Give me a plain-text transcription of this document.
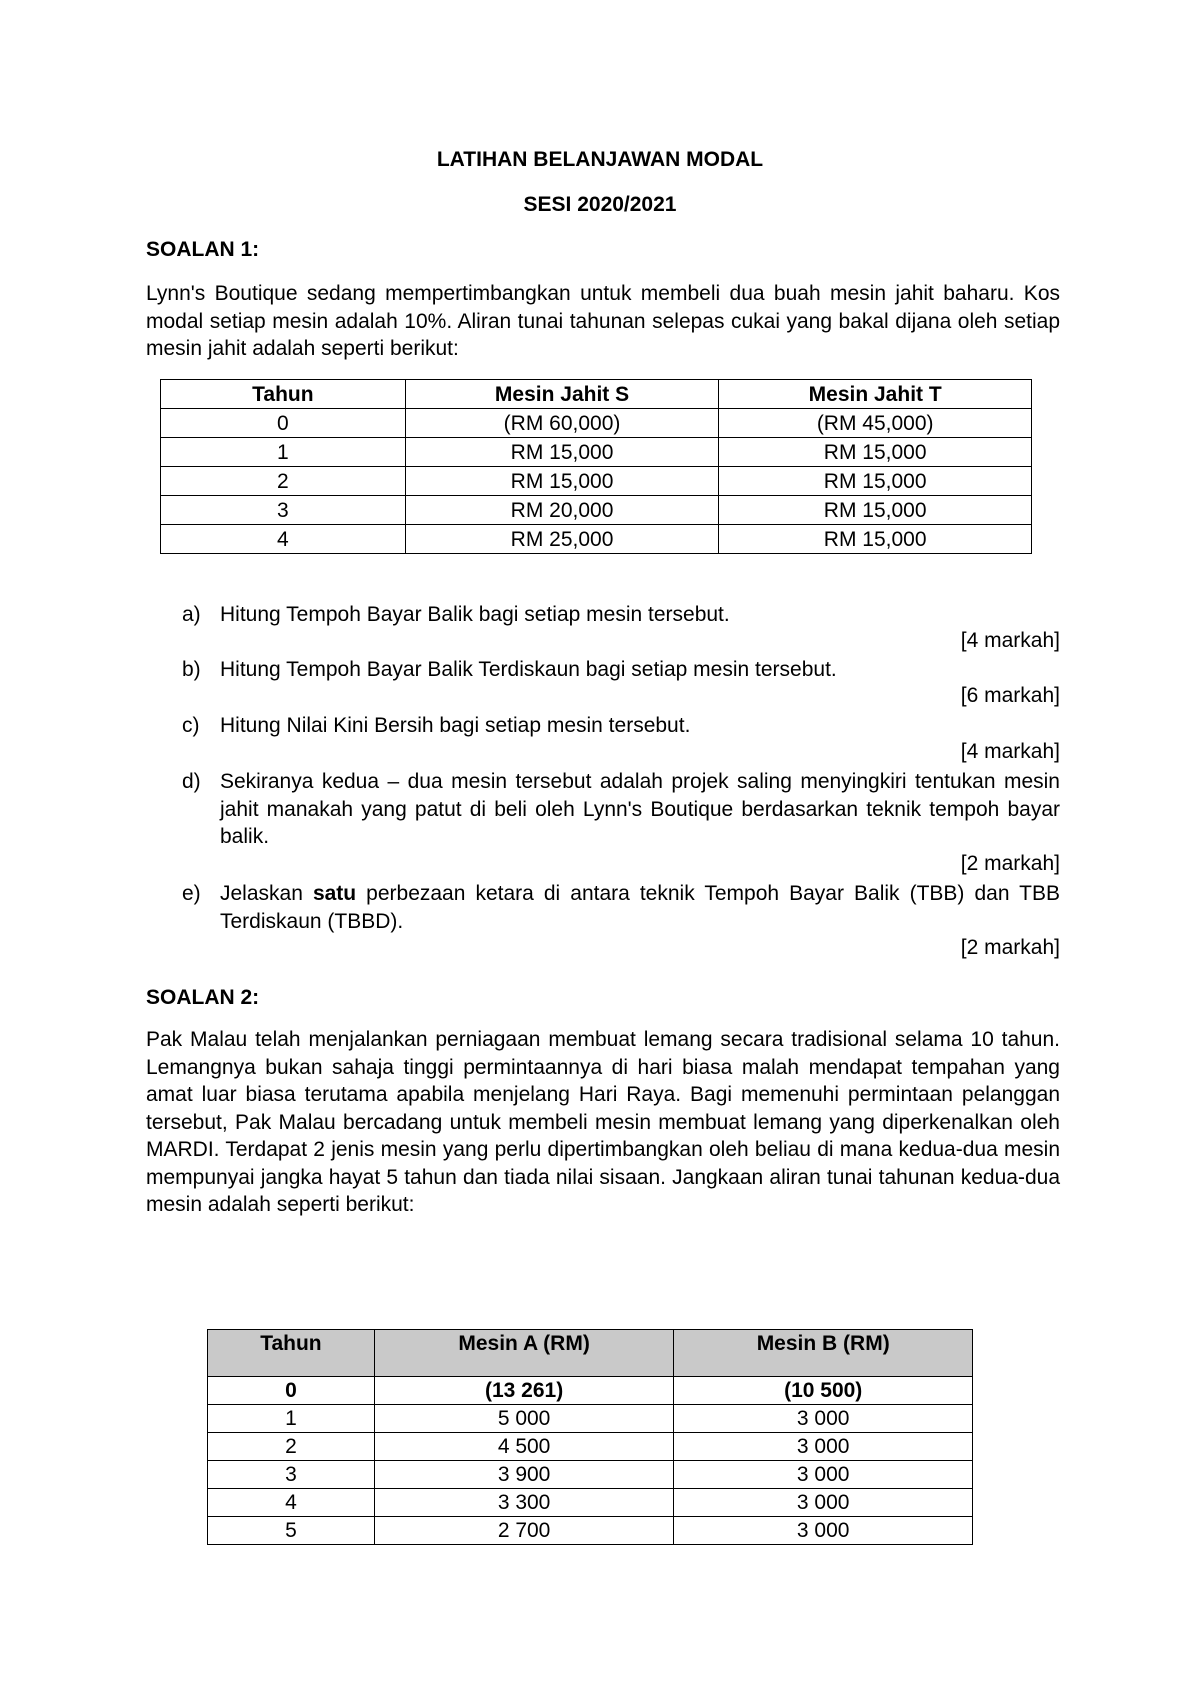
LATIHAN BELANJAWAN MODAL
SESI 2020/2021
SOALAN 1:
Lynn's Boutique sedang mempertimbangkan untuk membeli dua buah mesin jahit baharu. Kos modal setiap mesin adalah 10%. Aliran tunai tahunan selepas cukai yang bakal dijana oleh setiap mesin jahit adalah seperti berikut:
Tahun	Mesin Jahit S	Mesin Jahit T
0	(RM 60,000)	(RM 45,000)
1	RM 15,000	RM 15,000
2	RM 15,000	RM 15,000
3	RM 20,000	RM 15,000
4	RM 25,000	RM 15,000
a) Hitung Tempoh Bayar Balik bagi setiap mesin tersebut.
[4 markah]
b) Hitung Tempoh Bayar Balik Terdiskaun bagi setiap mesin tersebut.
[6 markah]
c) Hitung Nilai Kini Bersih bagi setiap mesin tersebut.
[4 markah]
d) Sekiranya kedua – dua mesin tersebut adalah projek saling menyingkiri tentukan mesin jahit manakah yang patut di beli oleh Lynn's Boutique berdasarkan teknik tempoh bayar balik.
[2 markah]
e) Jelaskan satu perbezaan ketara di antara teknik Tempoh Bayar Balik (TBB) dan TBB Terdiskaun (TBBD).
[2 markah]
SOALAN 2:
Pak Malau telah menjalankan perniagaan membuat lemang secara tradisional selama 10 tahun. Lemangnya bukan sahaja tinggi permintaannya di hari biasa malah mendapat tempahan yang amat luar biasa terutama apabila menjelang Hari Raya. Bagi memenuhi permintaan pelanggan tersebut, Pak Malau bercadang untuk membeli mesin membuat lemang yang diperkenalkan oleh MARDI. Terdapat 2 jenis mesin yang perlu dipertimbangkan oleh beliau di mana kedua-dua mesin mempunyai jangka hayat 5 tahun dan tiada nilai sisaan. Jangkaan aliran tunai tahunan kedua-dua mesin adalah seperti berikut:
Tahun	Mesin A (RM)	Mesin B (RM)
0	(13 261)	(10 500)
1	5 000	3 000
2	4 500	3 000
3	3 900	3 000
4	3 300	3 000
5	2 700	3 000
